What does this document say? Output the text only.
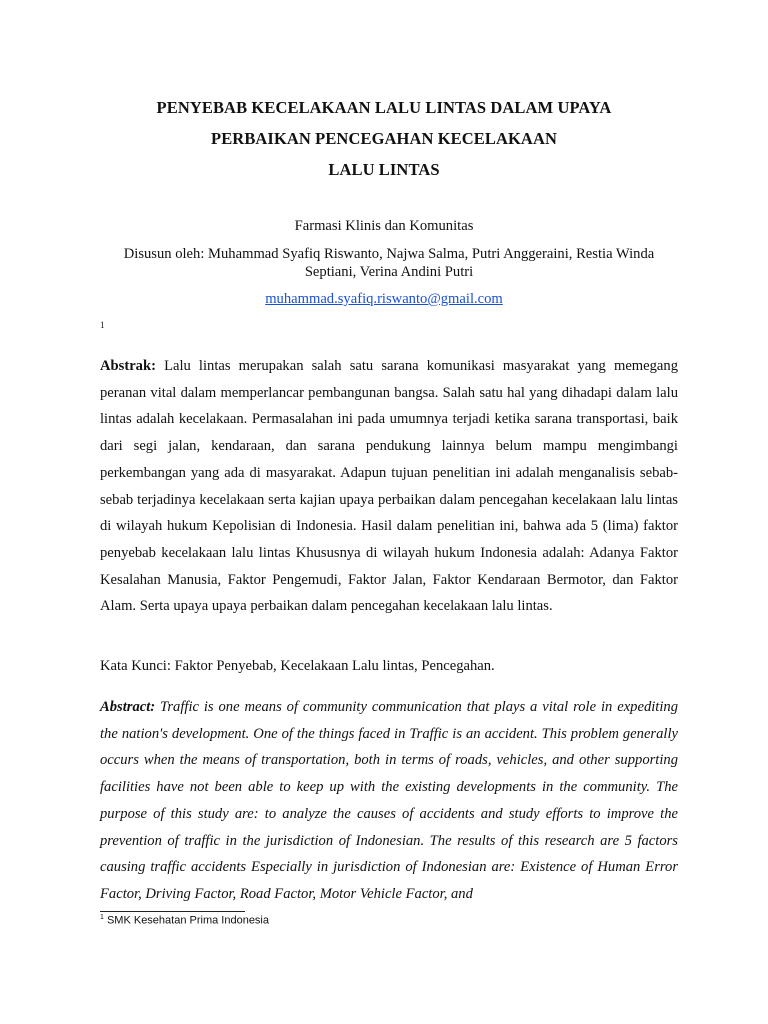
PENYEBAB KECELAKAAN LALU LINTAS DALAM UPAYA
PERBAIKAN PENCEGAHAN KECELAKAAN
LALU LINTAS
Farmasi Klinis dan Komunitas
Disusun oleh: Muhammad Syafiq Riswanto, Najwa Salma, Putri Anggeraini, Restia Winda Septiani, Verina Andini Putri
muhammad.syafiq.riswanto@gmail.com
1
Abstrak: Lalu lintas merupakan salah satu sarana komunikasi masyarakat yang memegang peranan vital dalam memperlancar pembangunan bangsa. Salah satu hal yang dihadapi dalam lalu lintas adalah kecelakaan. Permasalahan ini pada umumnya terjadi ketika sarana transportasi, baik dari segi jalan, kendaraan, dan sarana pendukung lainnya belum mampu mengimbangi perkembangan yang ada di masyarakat. Adapun tujuan penelitian ini adalah menganalisis sebab-sebab terjadinya kecelakaan serta kajian upaya perbaikan dalam pencegahan kecelakaan lalu lintas di wilayah hukum Kepolisian di Indonesia. Hasil dalam penelitian ini, bahwa ada 5 (lima) faktor penyebab kecelakaan lalu lintas Khususnya di wilayah hukum Indonesia adalah: Adanya Faktor Kesalahan Manusia, Faktor Pengemudi, Faktor Jalan, Faktor Kendaraan Bermotor, dan Faktor Alam. Serta upaya upaya perbaikan dalam pencegahan kecelakaan lalu lintas.
Kata Kunci: Faktor Penyebab, Kecelakaan Lalu lintas, Pencegahan.
Abstract: Traffic is one means of community communication that plays a vital role in expediting the nation's development. One of the things faced in Traffic is an accident. This problem generally occurs when the means of transportation, both in terms of roads, vehicles, and other supporting facilities have not been able to keep up with the existing developments in the community. The purpose of this study are: to analyze the causes of accidents and study efforts to improve the prevention of traffic in the jurisdiction of Indonesian. The results of this research are 5 factors causing traffic accidents Especially in jurisdiction of Indonesian are: Existence of Human Error Factor, Driving Factor, Road Factor, Motor Vehicle Factor, and
$^1$ SMK Kesehatan Prima Indonesia
